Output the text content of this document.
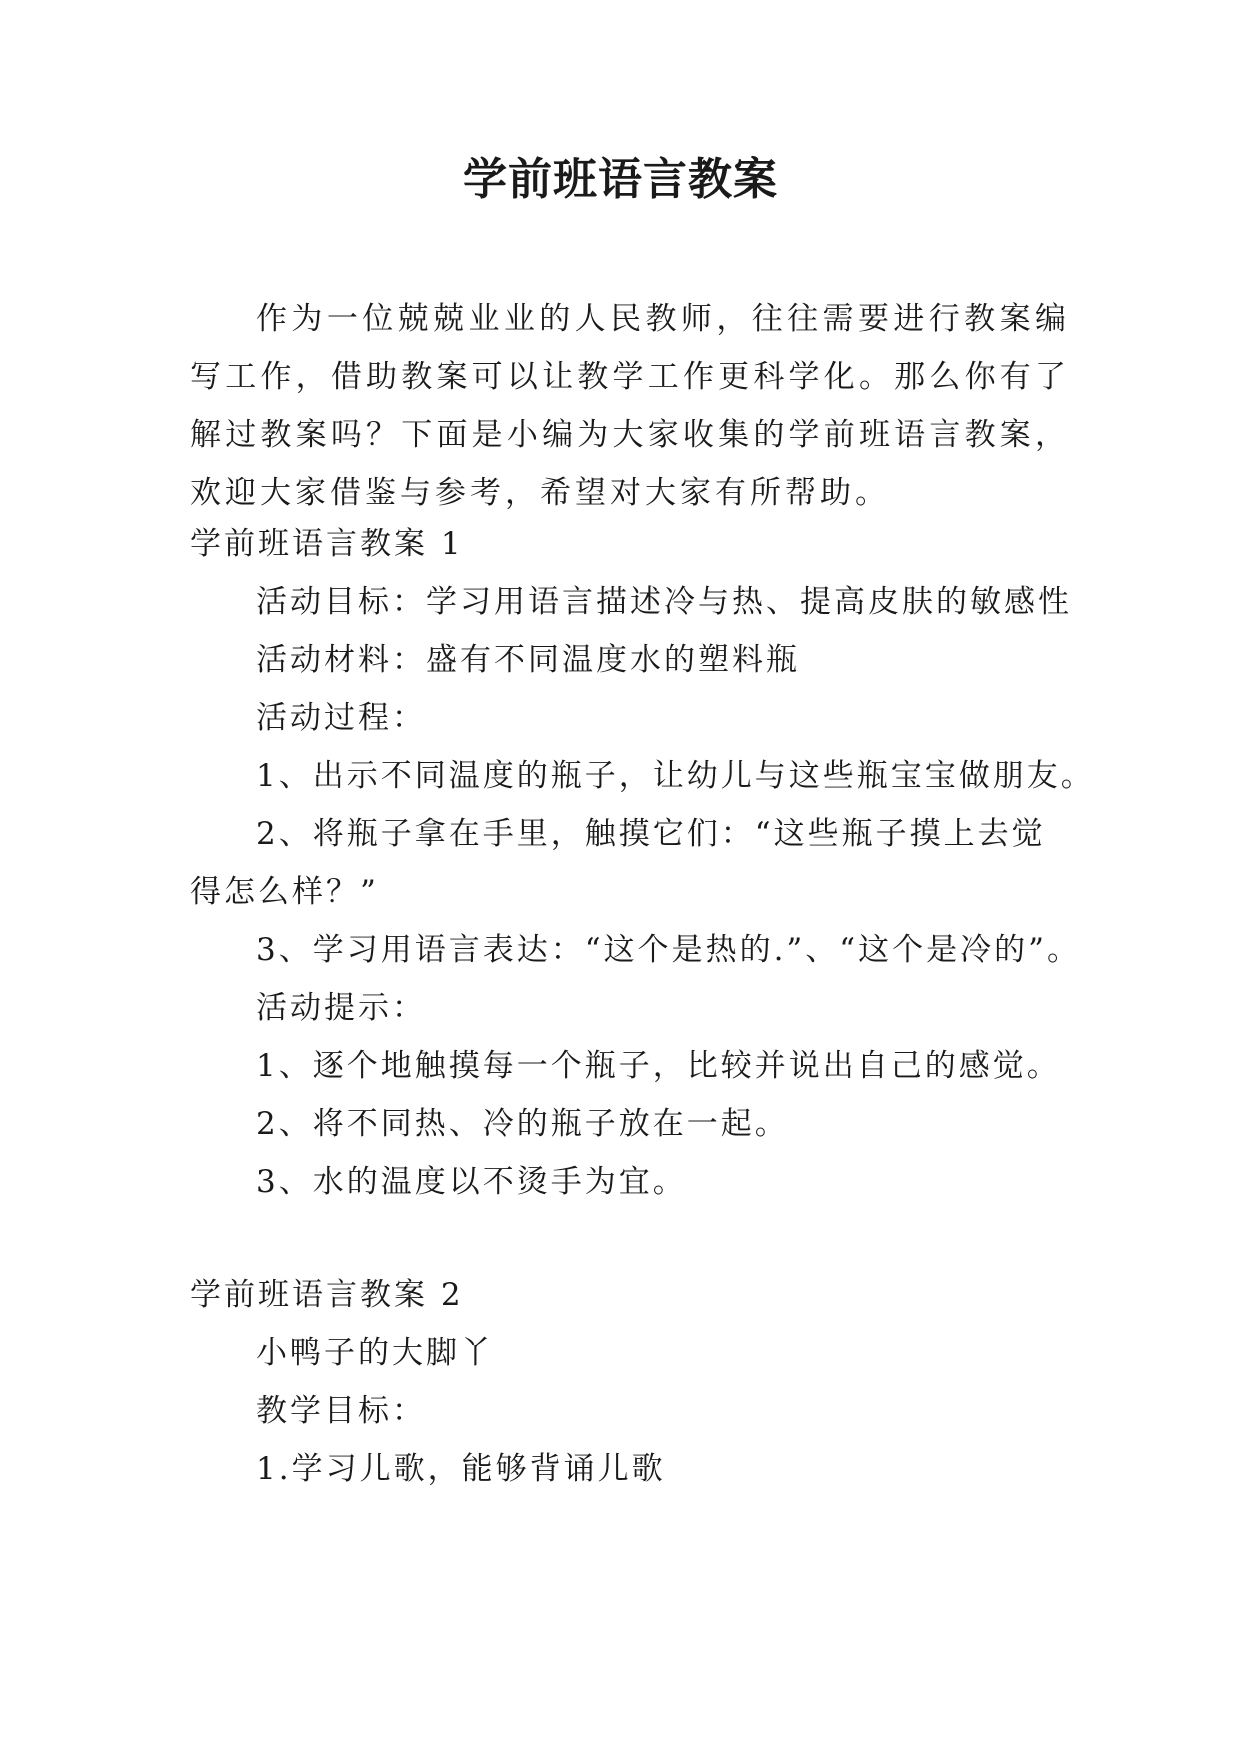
学前班语言教案
作为一位兢兢业业的人民教师，往往需要进行教案编写工作，借助教案可以让教学工作更科学化。那么你有了解过教案吗？下面是小编为大家收集的学前班语言教案，欢迎大家借鉴与参考，希望对大家有所帮助。
学前班语言教案 1
活动目标：学习用语言描述冷与热、提高皮肤的敏感性
活动材料：盛有不同温度水的塑料瓶
活动过程：
1、出示不同温度的瓶子，让幼儿与这些瓶宝宝做朋友。
2、将瓶子拿在手里，触摸它们：“这些瓶子摸上去觉得怎么样？”
3、学习用语言表达：“这个是热的.”、“这个是冷的”。
活动提示：
1、逐个地触摸每一个瓶子，比较并说出自己的感觉。
2、将不同热、冷的瓶子放在一起。
3、水的温度以不烫手为宜。
学前班语言教案 2
小鸭子的大脚丫
教学目标：
1.学习儿歌，能够背诵儿歌
